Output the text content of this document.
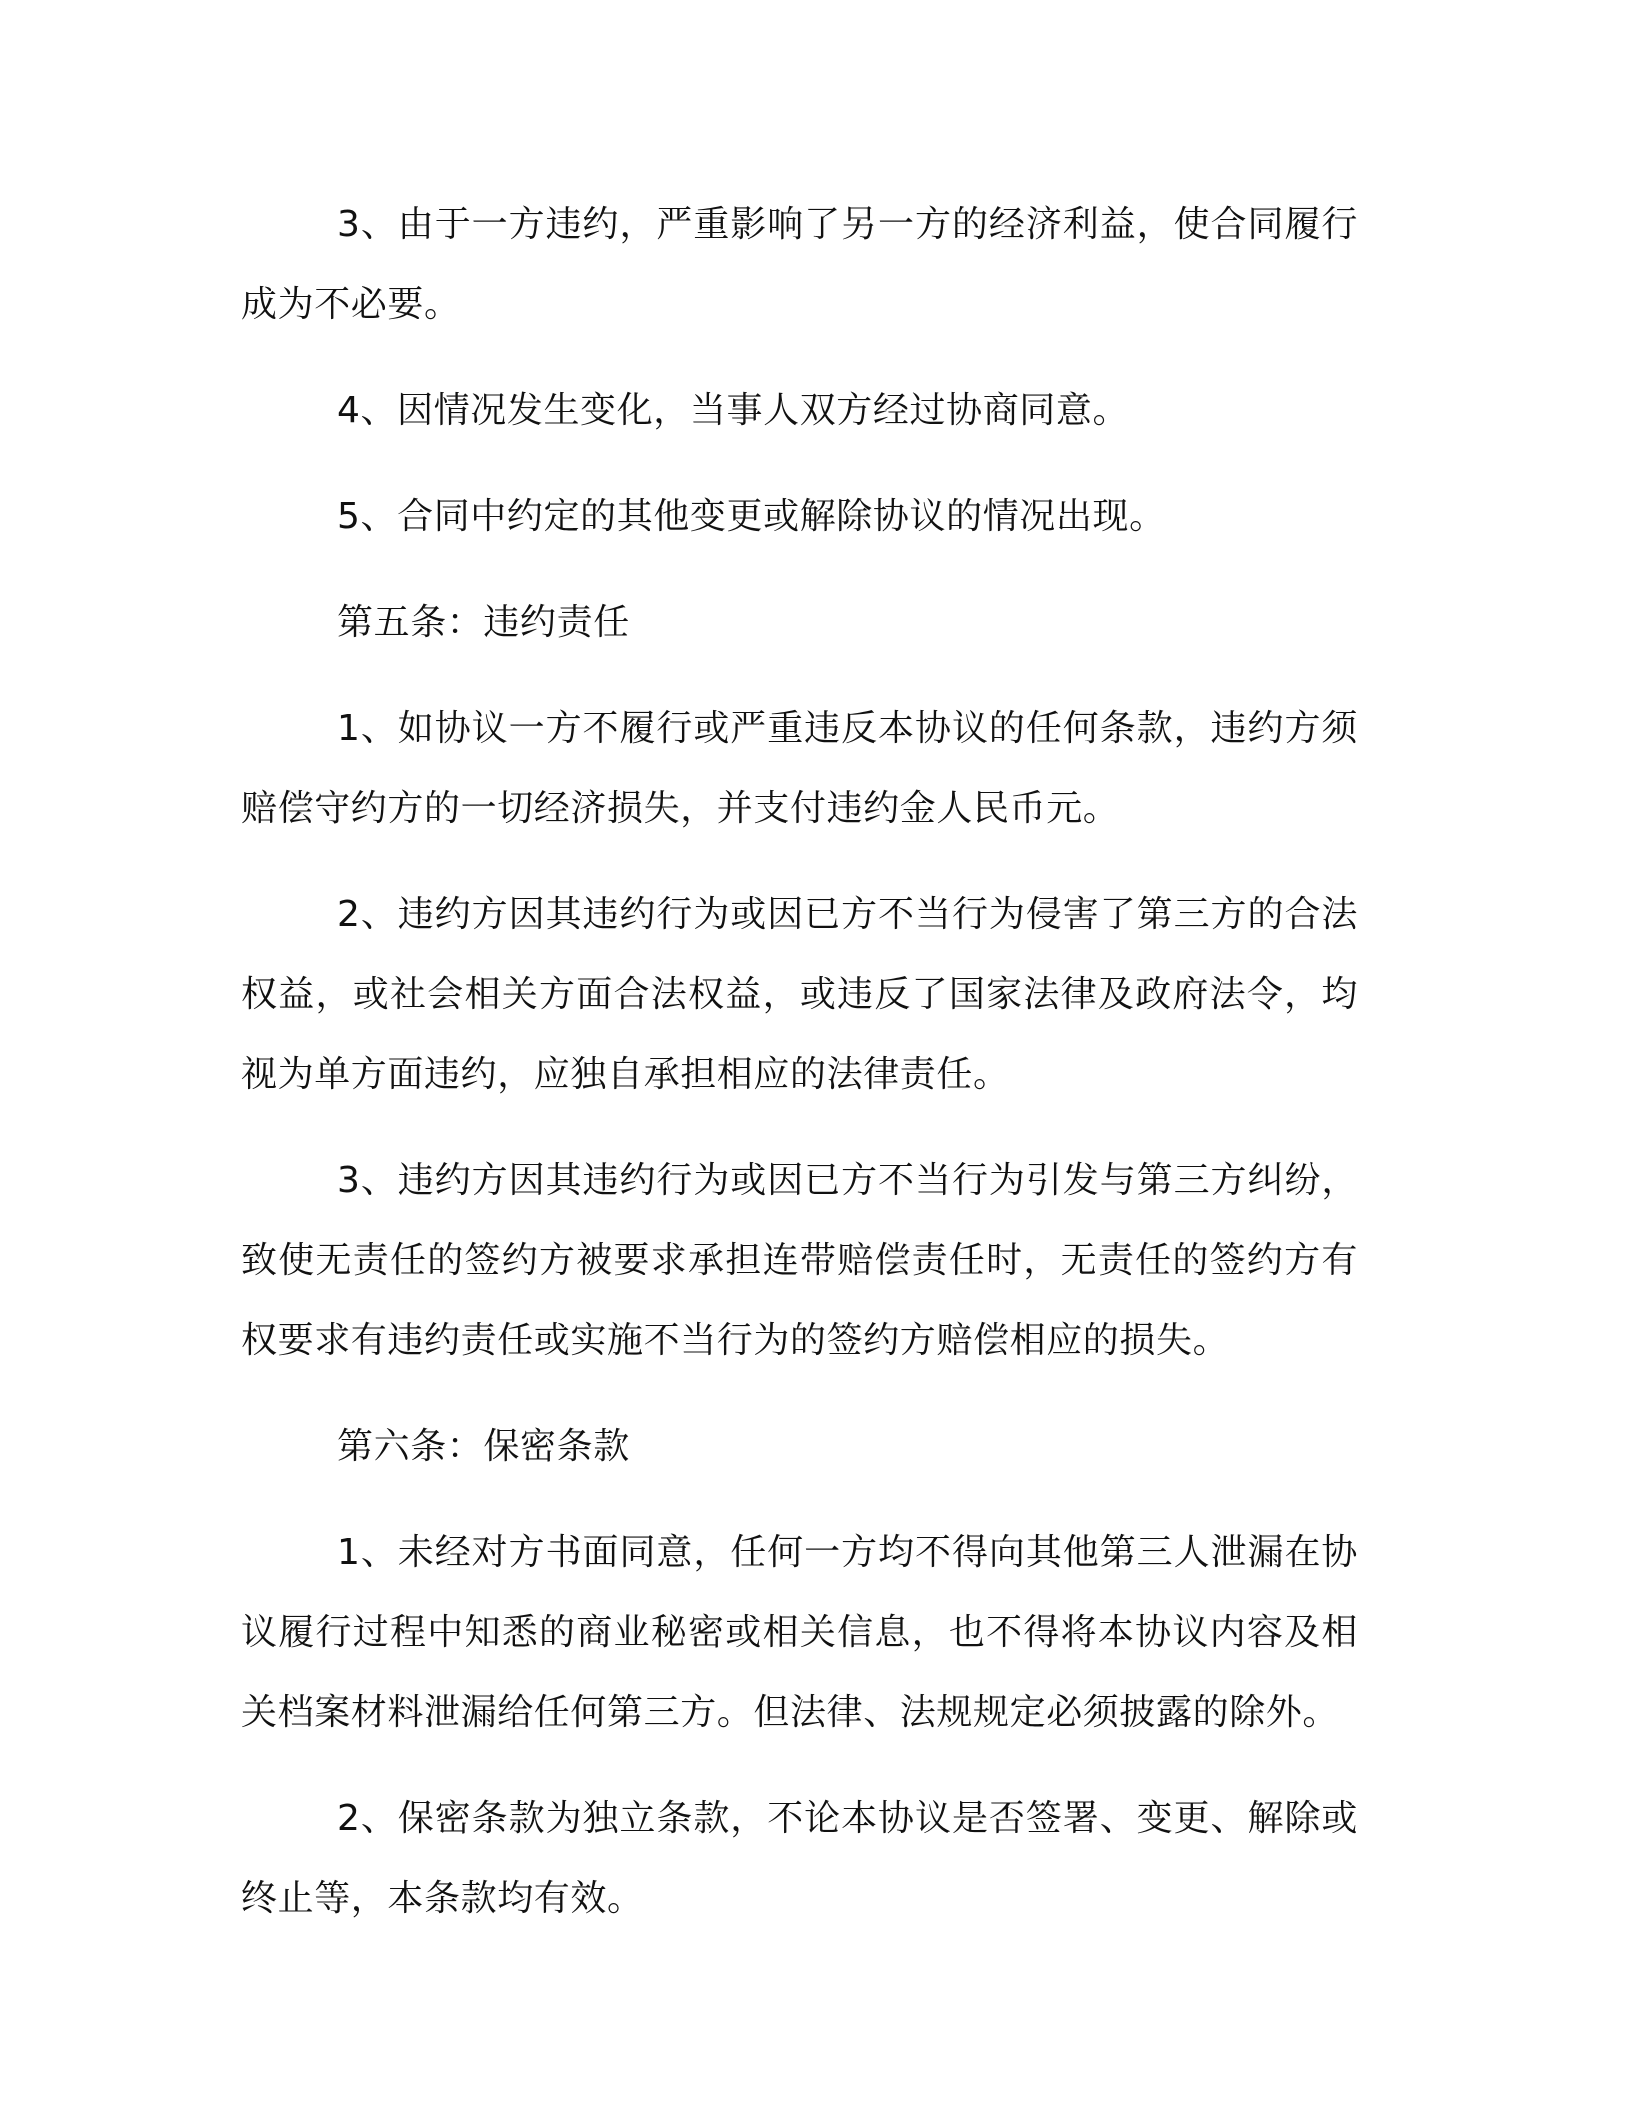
3、由于一方违约，严重影响了另一方的经济利益，使合同履行成为不必要。

4、因情况发生变化，当事人双方经过协商同意。

5、合同中约定的其他变更或解除协议的情况出现。

第五条：违约责任

1、如协议一方不履行或严重违反本协议的任何条款，违约方须赔偿守约方的一切经济损失，并支付违约金人民币元。

2、违约方因其违约行为或因已方不当行为侵害了第三方的合法权益，或社会相关方面合法权益，或违反了国家法律及政府法令，均视为单方面违约，应独自承担相应的法律责任。

3、违约方因其违约行为或因已方不当行为引发与第三方纠纷，致使无责任的签约方被要求承担连带赔偿责任时，无责任的签约方有权要求有违约责任或实施不当行为的签约方赔偿相应的损失。

第六条：保密条款

1、未经对方书面同意，任何一方均不得向其他第三人泄漏在协议履行过程中知悉的商业秘密或相关信息，也不得将本协议内容及相关档案材料泄漏给任何第三方。但法律、法规规定必须披露的除外。

2、保密条款为独立条款，不论本协议是否签署、变更、解除或终止等，本条款均有效。
